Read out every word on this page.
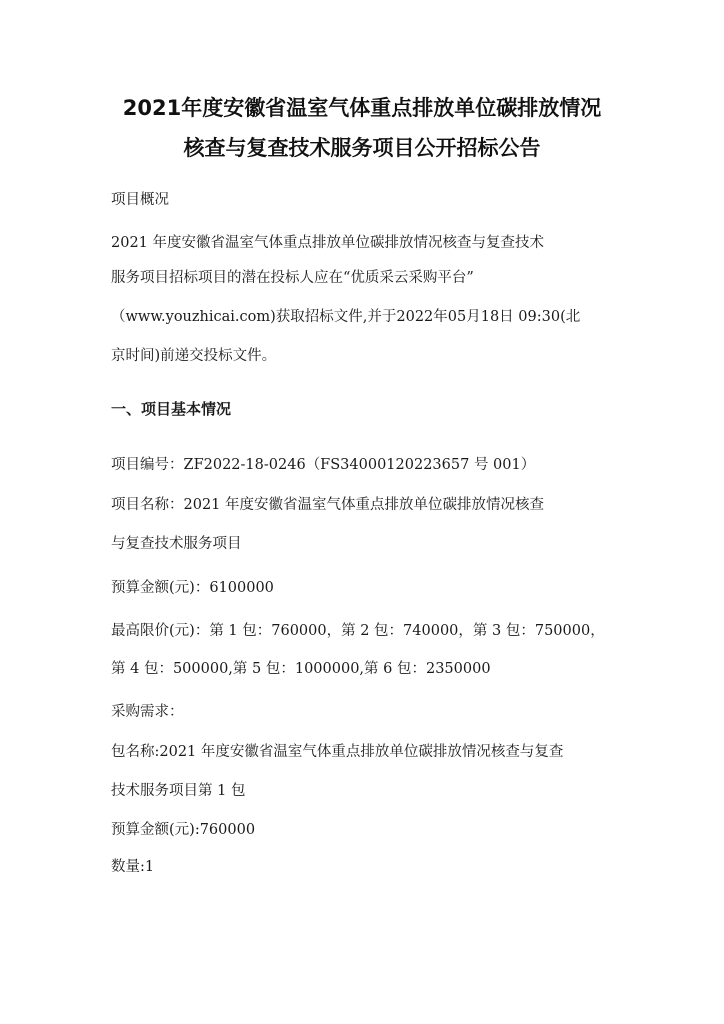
2021年度安徽省温室气体重点排放单位碳排放情况
核查与复查技术服务项目公开招标公告

项目概况

2021 年度安徽省温室气体重点排放单位碳排放情况核查与复查技术

服务项目招标项目的潜在投标人应在“优质采云采购平台”

（www.youzhicai.com)获取招标文件,并于2022年05月18日 09:30(北

京时间)前递交投标文件。

一、项目基本情况

项目编号：ZF2022-18-0246（FS340001202236​57 号 001）

项目名称：2021 年度安徽省温室气体重点排放单位碳排放情况核查

与复查技术服务项目

预算金额(元)：6100000

最高限价(元)：第 1 包：760000，第 2 包：740000，第 3 包：750000，

第 4 包：500000,第 5 包：1000000,第 6 包：2350000

采购需求：

包名称:2021 年度安徽省温室气体重点排放单位碳排放情况核查与复查

技术服务项目第 1 包

预算金额(元):760000

数量:1
